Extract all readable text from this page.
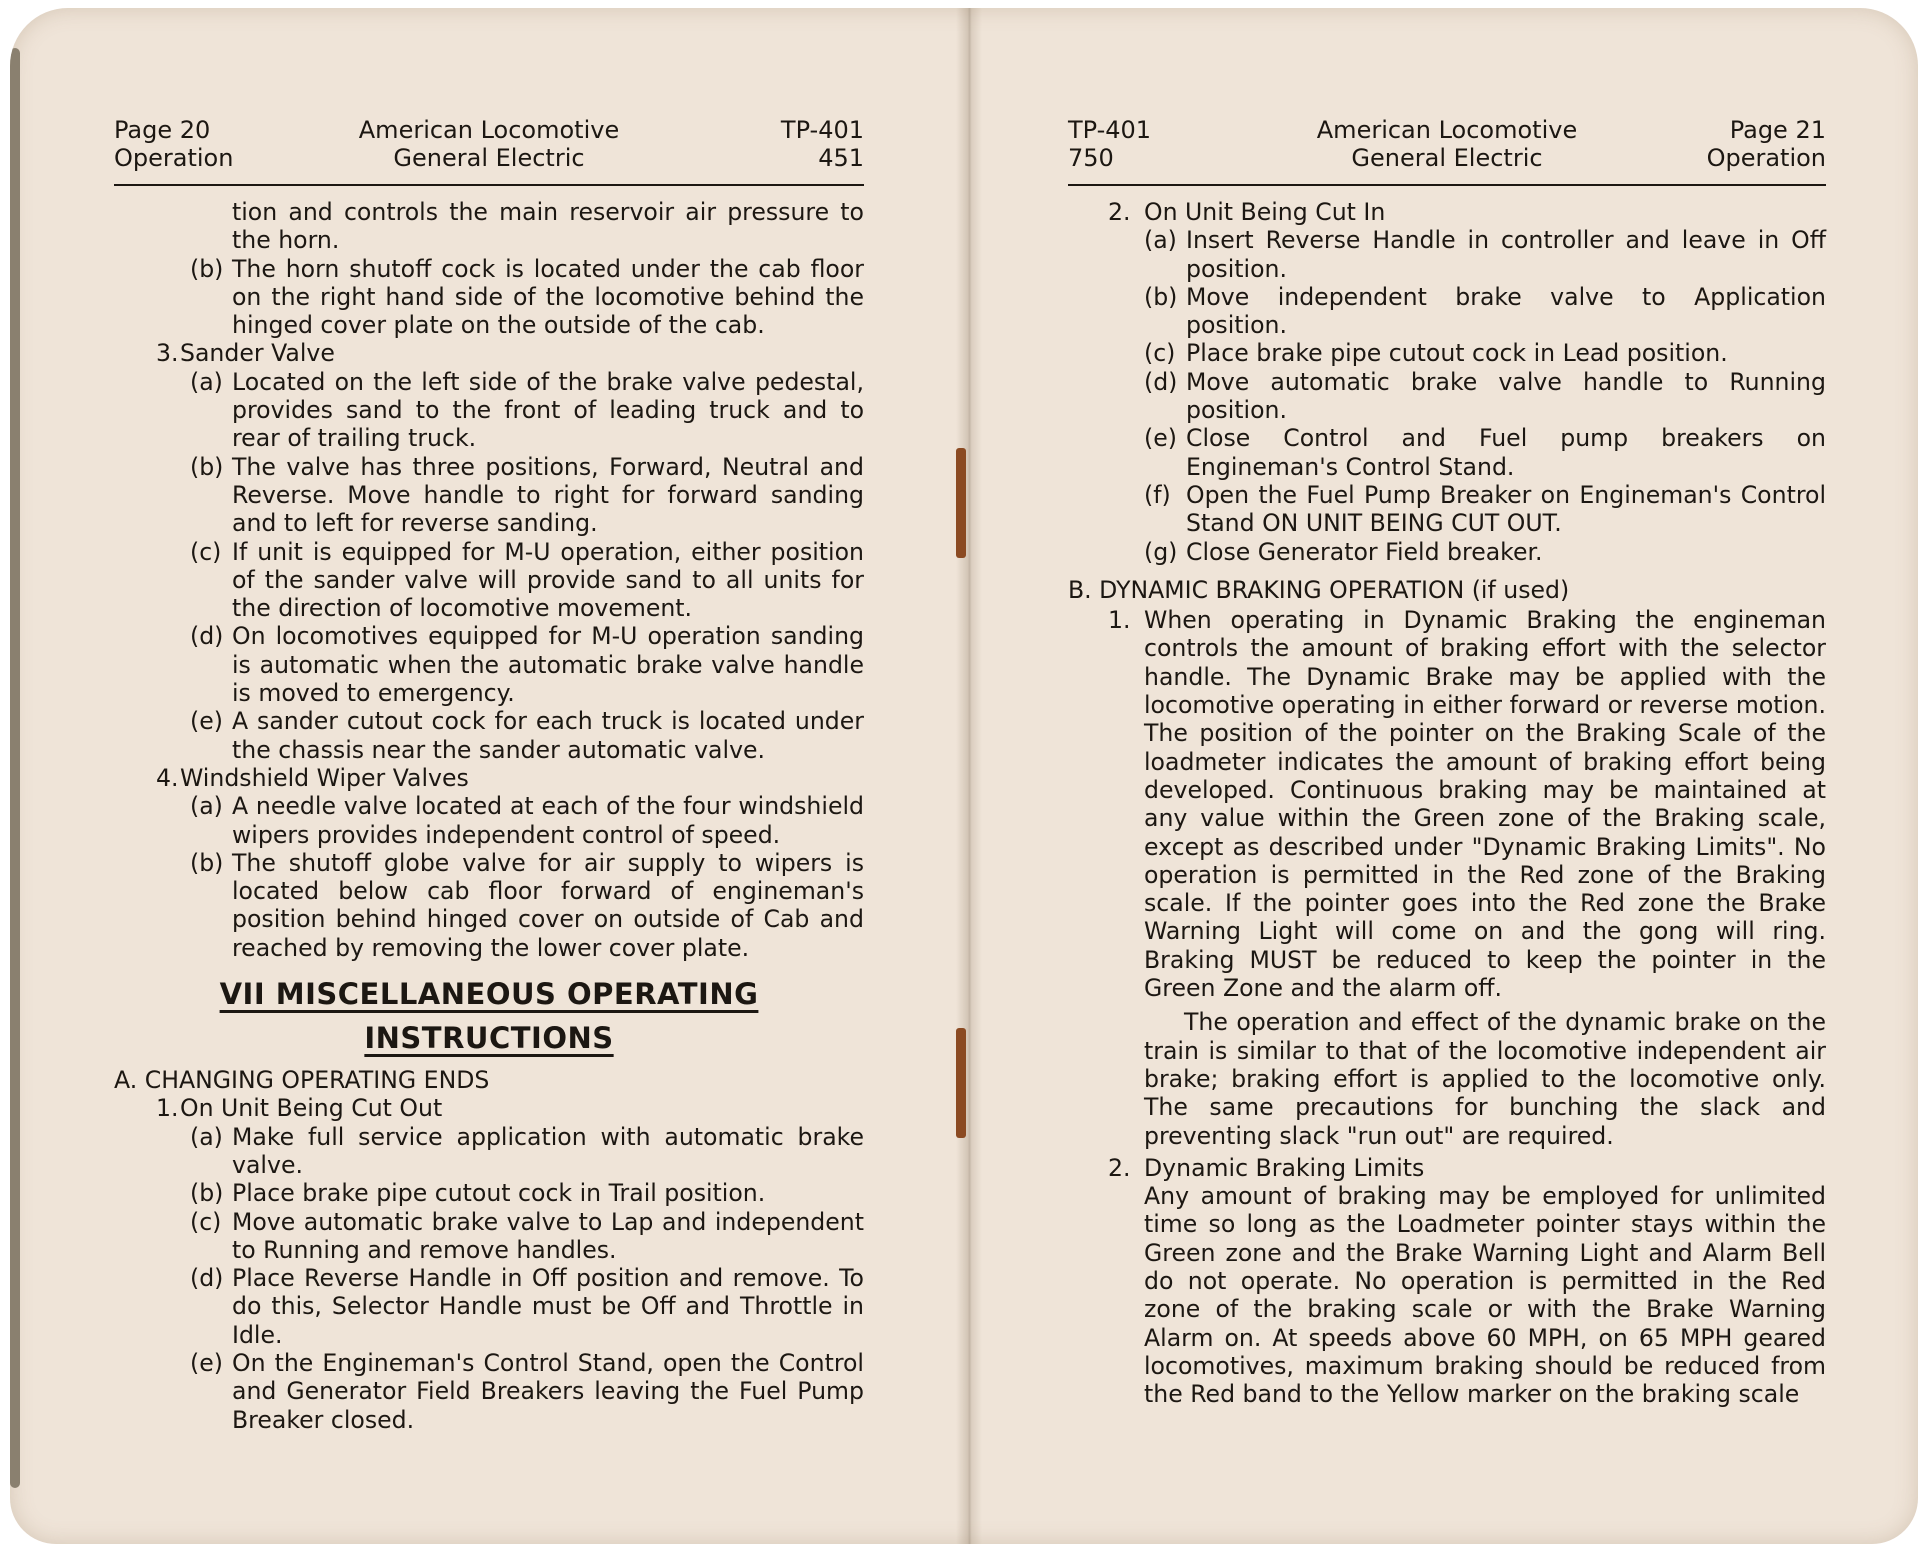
Page 20
Operation
American Locomotive
General Electric
TP-401
451
tion and controls the main reservoir air pressure to the horn.
(b) The horn shutoff cock is located under the cab floor on the right hand side of the locomotive behind the hinged cover plate on the outside of the cab.
3. Sander Valve
(a) Located on the left side of the brake valve pedestal, provides sand to the front of leading truck and to rear of trailing truck.
(b) The valve has three positions, Forward, Neutral and Reverse. Move handle to right for forward sanding and to left for reverse sanding.
(c) If unit is equipped for M-U operation, either position of the sander valve will provide sand to all units for the direction of locomotive movement.
(d) On locomotives equipped for M-U operation sanding is automatic when the automatic brake valve handle is moved to emergency.
(e) A sander cutout cock for each truck is located under the chassis near the sander automatic valve.
4. Windshield Wiper Valves
(a) A needle valve located at each of the four windshield wipers provides independent control of speed.
(b) The shutoff globe valve for air supply to wipers is located below cab floor forward of engineman's position behind hinged cover on outside of Cab and reached by removing the lower cover plate.
VII MISCELLANEOUS OPERATING
INSTRUCTIONS
A. CHANGING OPERATING ENDS
1. On Unit Being Cut Out
(a) Make full service application with automatic brake valve.
(b) Place brake pipe cutout cock in Trail position.
(c) Move automatic brake valve to Lap and independent to Running and remove handles.
(d) Place Reverse Handle in Off position and remove. To do this, Selector Handle must be Off and Throttle in Idle.
(e) On the Engineman's Control Stand, open the Control and Generator Field Breakers leaving the Fuel Pump Breaker closed.
TP-401
750
American Locomotive
General Electric
Page 21
Operation
2. On Unit Being Cut In
(a) Insert Reverse Handle in controller and leave in Off position.
(b) Move independent brake valve to Application position.
(c) Place brake pipe cutout cock in Lead position.
(d) Move automatic brake valve handle to Running position.
(e) Close Control and Fuel pump breakers on Engineman's Control Stand.
(f) Open the Fuel Pump Breaker on Engineman's Control Stand ON UNIT BEING CUT OUT.
(g) Close Generator Field breaker.
B. DYNAMIC BRAKING OPERATION (if used)
1. When operating in Dynamic Braking the engineman controls the amount of braking effort with the selector handle. The Dynamic Brake may be applied with the locomotive operating in either forward or reverse motion. The position of the pointer on the Braking Scale of the loadmeter indicates the amount of braking effort being developed. Continuous braking may be maintained at any value within the Green zone of the Braking scale, except as described under "Dynamic Braking Limits". No operation is permitted in the Red zone of the Braking scale. If the pointer goes into the Red zone the Brake Warning Light will come on and the gong will ring. Braking MUST be reduced to keep the pointer in the Green Zone and the alarm off.
The operation and effect of the dynamic brake on the train is similar to that of the locomotive independent air brake; braking effort is applied to the locomotive only. The same precautions for bunching the slack and preventing slack "run out" are required.
2. Dynamic Braking Limits
Any amount of braking may be employed for unlimited time so long as the Loadmeter pointer stays within the Green zone and the Brake Warning Light and Alarm Bell do not operate. No operation is permitted in the Red zone of the braking scale or with the Brake Warning Alarm on. At speeds above 60 MPH, on 65 MPH geared locomotives, maximum braking should be reduced from the Red band to the Yellow marker on the braking scale
